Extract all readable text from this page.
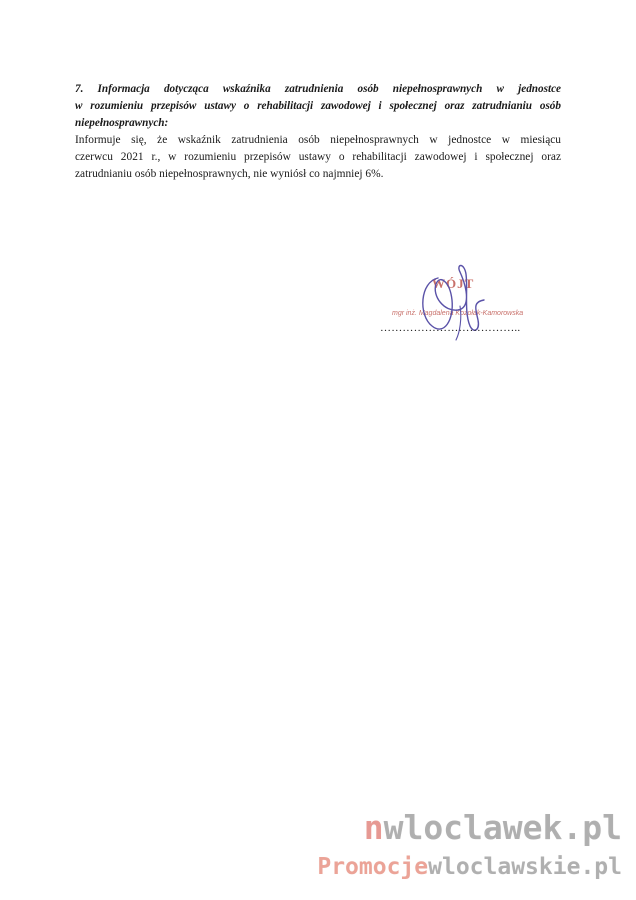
7. Informacja dotycząca wskaźnika zatrudnienia osób niepełnosprawnych w jednostce
w rozumieniu przepisów ustawy o rehabilitacji zawodowej i społecznej oraz zatrudnianiu osób
niepełnosprawnych:
Informuje się, że wskaźnik zatrudnienia osób niepełnosprawnych w jednostce w miesiącu
czerwcu 2021 r., w rozumieniu przepisów ustawy o rehabilitacji zawodowej i społecznej oraz
zatrudnianiu osób niepełnosprawnych, nie wyniósł co najmniej 6%.
WÓJT
mgr inż. Magdalena Kozołak-Kamorowska
………………………………..
nwloclawek.pl
Promocjewloclawskie.pl
